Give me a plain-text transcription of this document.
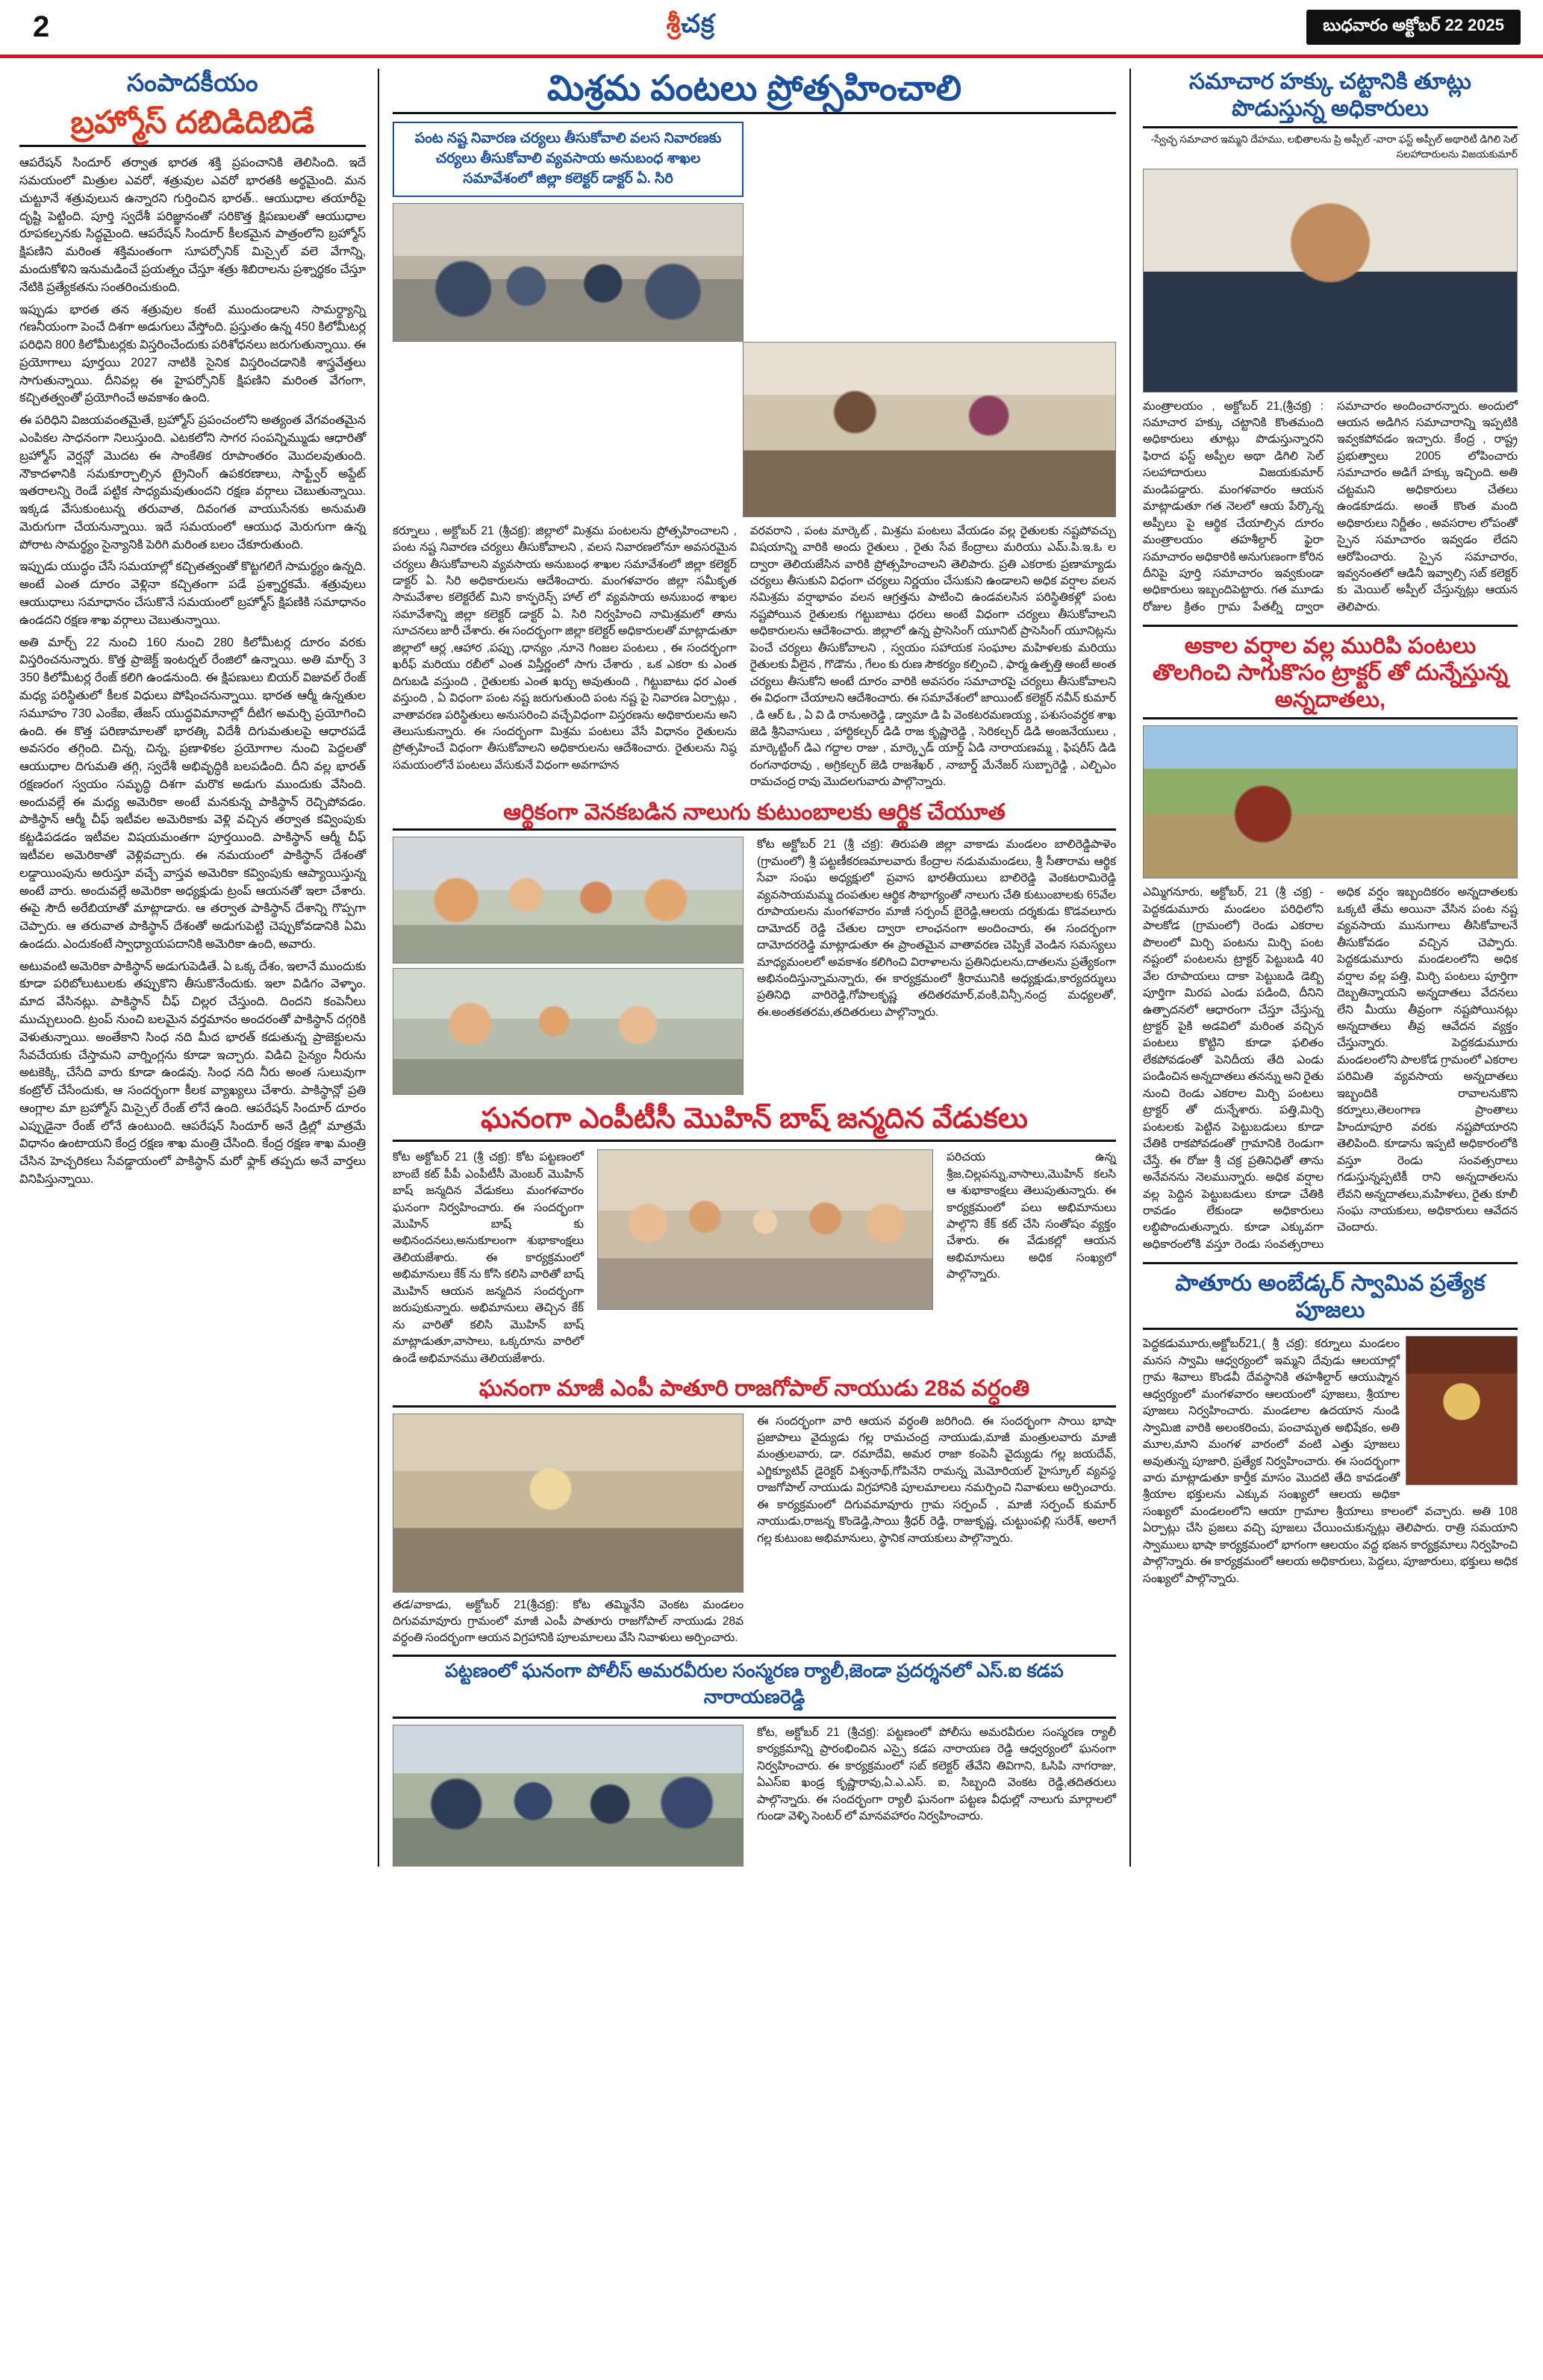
2	శ్రీచక్ర	బుధవారం అక్టోబర్ 22 2025
సంపాదకీయం
బ్రహ్మోస్ దబిడిదిబిడే
ఆపరేషన్ సిందూర్ తర్వాత భారత శక్తి ప్రపంచానికి తెలిసింది. ఇదే సమయంలో మిత్రుల ఎవరో, శత్రువుల ఎవరో భారతకి అర్థమైంది. మన చుట్టూనే శత్రువులున ఉన్నారని గుర్తించిన భారత్.. ఆయుధాల తయారీపై దృష్టి పెట్టింది. పూర్తి స్వదేశీ పరిజ్ఞానంతో సరికొత్త క్షిపణులతో ఆయుధాల రూపకల్పనకు సిద్ధమైంది. ఆపరేషన్ సిందూర్ కీలకమైన పాత్రంలోని బ్రహ్మోస్ క్షిపణిని మరింత శక్తిమంతంగా సూపర్సోనిక్ మిస్సైల్ వలె వేగాన్ని, మందుకోళిని ఇనుమడించే ప్రయత్నం చేస్తూ శత్రు శిబిరాలను ప్రశ్నార్థకం చేస్తూ నేటికి ప్రత్యేకతను సంతరించుకుంది.
ఇప్పుడు భారత తన శత్రువుల కంటే ముందుండాలని సామర్థ్యాన్ని గణనీయంగా పెంచే దిశగా అడుగులు వేస్తోంది. ప్రస్తుతం ఉన్న 450 కిలోమీటర్ల పరిధిని 800 కిలోమీటర్లకు విస్తరించేందుకు పరిశోధనలు జరుగుతున్నాయి. ఈ ప్రయోగాలు పూర్తయి 2027 నాటికి సైనిక విస్తరించడానికి శాస్త్రవేత్తలు సాగుతున్నాయి. దీనివల్ల ఈ హైపర్సోనిక్ క్షిపణిని మరింత వేగంగా, కచ్చితత్వంతో ప్రయోగించే అవకాశం ఉంది.
ఈ పరిధిని విజయవంతమైతే, బ్రహ్మోస్ ప్రపంచంలోని అత్యంత వేగవంతమైన ఎంపికల సాధనంగా నిలుస్తుంది. ఎటకలోని సాగర సంపన్నిమ్ముడు ఆధారితో బ్రహ్మోస్ వెర్షన్లో మొదట ఈ సాంకేతిక రూపాంతరం మొదలవుతుంది. నౌకాదళానికి సమకూర్చాల్సిన ట్రైనింగ్ ఉపకరణాలు, సాఫ్ట్వేర్ అప్డేట్ ఇతరాలన్ని రెండే పట్టిక సాధ్యమవుతుందని రక్షణ వర్గాలు చెబుతున్నాయి. ఇక్కడ వేసుకుంటున్న తరువాత, దివంగత వాయుసేనకు అనుమతి మెరుగుగా చేయనున్నాయి. ఇదే సమయంలో ఆయుధ మెరుగుగా ఉన్న పోరాట సామర్థ్యం సైన్యానికి పెరిగి మరింత బలం చేకూరుతుంది.
ఇప్పుడు యుద్ధం చేసే సమయాల్లో కచ్చితత్వంతో కొట్టగలిగే సామర్థ్యం ఉన్నది. అంటే ఎంత దూరం వెళ్లినా కచ్చితంగా పడే ప్రశ్నార్థకమే. శత్రువులు ఆయుధాలు సమాధానం చేసుకొనే సమయంలో బ్రహ్మోస్ క్షిపణికి సమాధానం ఉండదని రక్షణ శాఖ వర్గాలు చెబుతున్నాయి.
అతి మార్చ్ 22 నుంచి 160 నుంచి 280 కిలోమీటర్ల దూరం వరకు విస్తరించనున్నారు. కొత్త ప్రాజెక్ట్ ఇంటర్నల్ రేంజిలో ఉన్నాయి. అతి మార్చ్ 3 350 కిలోమీటర్ల రేంజ్ కలిగి ఉండనుంది. ఈ క్షిపణులు బియర్ విజువల్ రేంజ్ మధ్య పరిస్థితులో కీలక విధులు పోషించనున్నాయి. భారత ఆర్మీ ఉన్నతుల సమూహం 730 ఎంకేఐ, తేజస్ యుద్ధవిమానాల్లో దీటిగ అమర్చి ప్రయోగించి ఉంది. ఈ కొత్త పరిణామాలతో భారత్కి విదేశీ దిగుమతులపై ఆధారపడే అవసరం తగ్గింది. చిన్న, చిన్న, ప్రణాళికల ప్రయోగాల నుంచి పెద్దలతో ఆయుధాల దిగుమతి తగ్గి, స్వదేశీ అభివృద్ధికి బలపడింది. దీని వల్ల భారత్ రక్షణరంగ స్వయం సమృద్ధి దిశగా మరొక అడుగు ముందుకు వేసింది. అందువల్లే ఈ మధ్య అమెరికా అంటే మనకున్న పాకిస్థాన్ రెచ్చిపోవడం. పాకిస్థాన్ ఆర్మీ చీఫ్ ఇటీవల అమెరికాకు వెళ్లి వచ్చిన తర్వాత కవ్వింపుకు కట్టడిపడడం ఇటీవల విషయమంతగా పూర్తయింది. పాకిస్థాన్ ఆర్మీ చీఫ్ ఇటీవల అమెరికాతో వెళ్లివచ్చారు. ఈ నమయంలో పాకిస్థాన్ దేశంతో లడ్డాయింపును అరుస్తూ వచ్చే వాస్తవ అమెరికా కవ్వింపుకు ఆప్యాయిస్తున్న అంటే వారు. అందువల్లే అమెరికా అధ్యక్షుడు ట్రంప్ ఆయనతో ఇలా చేశారు. ఈపై సౌదీ అరేబియాతో మాట్లాడారు. ఆ తర్వాత పాకిస్థాన్ దేశాన్ని గొప్పగా చెప్పారు. ఆ తరువాత పాకిస్థాన్ దేశంతో అడుగుపెట్టి చెప్పుకోవడానికి ఏమి ఉండదు. ఎందుకంటే స్వాధ్యాయపదానికి అమెరికా ఉంది, అవారు.
అటువంటి అమెరికా పాకిస్థాన్ అడుగుపెడితే. ఏ ఒక్క దేశం, ఇలానే ముందుకు కూడా పరిబోలుటులకు తప్పుకొని తీసుకొనేందుకు. ఇలా విడిగం వెళ్ళాం. మాద వేసినట్లు. పాకిస్థాన్ చీఫ్ చిల్లర చేస్తుంది. దిందని కంపెనీలు ముచ్చులుంది. ట్రంప్ నుంచి బలమైన వర్తమానం అందరంతో పాకిస్థాన్ దగ్గరికి వెళుతున్నాయి. అంతేకాని సింధ నది మీద భారత్ కడుతున్న ప్రాజెక్టులను సేవచేయకు చేస్తామని వార్నింగ్లను కూడా ఇచ్చారు. విడిచి సైన్యం నీరును అటకెక్కి, చేసేది వారు కూడా ఉండవు. సింధ నది నీరు అంత సులువుగా కంట్రోల్ చేసేందుకు, ఆ సందర్భంగా కీలక వ్యాఖ్యలు చేశారు. పాకిస్థాన్లో ప్రతి ఆంగ్లాల మా బ్రహ్మోస్ మిస్సైల్ రేంజ్ లోనే ఉంది. ఆపరేషన్ సిందూర్ దూరం ఎప్పుడైనా రేంజ్ లోనే ఉంటుంది. ఆపరేషన్ సిందూర్ అనే డ్రిల్లో మాత్రమే విధానం ఉంటాయని కేంద్ర రక్షణ శాఖ మంత్రి చేసింది. కేంద్ర రక్షణ శాఖ మంత్రి చేసిన హెచ్చరికలు సేవడ్డాయంలో పాకిస్థాన్ మరో ఫ్లాక్ తప్పదు అనే వార్తలు వినిపిస్తున్నాయి.
మిశ్రమ పంటలు ప్రోత్సహించాలి
పంట నష్ట నివారణ చర్యలు తీసుకోవాలి వలస నివారణకు చర్యలు తీసుకోవాలి వ్యవసాయ అనుబంధ శాఖల సమావేశంలో జిల్లా కలెక్టర్ డాక్టర్ ఏ. సిరి
కర్నూలు , అక్టోబర్ 21 (శ్రీచక్ర): జిల్లాలో మిశ్రమ పంటలను ప్రోత్సహించాలని , పంట నష్ట నివారణ చర్యలు తీసుకోవాలని , వలస నివారణలోనూ అవసరమైన చర్యలు తీసుకోవాలని వ్యవసాయ అనుబంధ శాఖల సమావేశంలో జిల్లా కలెక్టర్ డాక్టర్ ఏ. సిరి అధికారులను ఆదేశించారు. మంగళవారం జిల్లా సమీకృత సామవేశాల కలెక్టరేట్ మిని కాన్ఫరెన్స్ హాల్ లో వ్యవసాయ అనుబంధ శాఖల సమావేశాన్ని జిల్లా కలెక్టర్ డాక్టర్ ఏ. సిరి నిర్వహించి నామిశ్రమలో తాను సూచనలు జారీ చేశారు. ఈ సందర్భంగా జిల్లా కలెక్టర్ అధికారులతో మాట్లాడుతూ జిల్లాలో ఆర్ల ,ఆహార ,పప్పు ,ధాన్యం ,నూనె గింజల పంటలు , ఈ సందర్భంగా ఖరీఫ్ మరియు రబీలో ఎంత విస్తీర్ణంలో సాగు చేశారు , ఒక ఎకరా కు ఎంత దిగుబడి వస్తుంది , రైతులకు ఎంత ఖర్చు అవుతుంది , గిట్టుబాటు ధర ఎంత వస్తుంది , ఏ విధంగా పంట నష్ట జరుగుతుంది పంట నష్ట పై నివారణ ఏర్పాట్లు , వాతావరణ పరిస్థితులు అనుసరించి వచ్చేవిధంగా విస్తరణను అధికారులను అని తెలుసుకున్నారు. ఈ సందర్భంగా మిశ్రమ పంటలు వేసే విధానం రైతులను ప్రోత్సహించే విధంగా తీసుకోవాలని అధికారులను ఆదేశించారు. రైతులను నిష్ఠ సమయంలోనే పంటలు వేసుకునే విధంగా అవగాహన
వరవరాని , పంట మార్కెట్ , మిశ్రమ పంటలు వేయడం వల్ల రైతులకు నష్టపోవచ్చు విషయాన్ని వారికి అందు రైతులు , రైతు సేవ కేంద్రాలు మరియు ఎమ్.పి.ఇ.ఓ ల ద్వారా తెలియజేసిన వారికి ప్రోత్సహించాలని తెలిపారు. ప్రతి ఎకరాకు ప్రణామ్యాడు చర్యలు తీసుకుని విధంగా చర్యలు నిర్ణయం చేసుకుని ఉండాలని అధిక వర్షాల వలన నమిశ్రమ వర్షాభావం వలన ఆగ్రత్తను పాటించి ఉండవలసిన పరిస్థితికళ్లో పంట నష్టపోయిన రైతులకు గట్టుబాటు ధరలు అంటే విధంగా చర్యలు తీసుకోవాలని అధికారులను ఆదేశించారు. జిల్లాలో ఉన్న ప్రాసెసింగ్ యూనిట్ ప్రాసెసింగ్ యూనిట్లను పెంచే చర్యలు తీసుకోవాలని , స్వయం సహాయక సంఘాల మహిళలకు మరియు రైతులకు వీలైన , గొడౌను , గేలం కు రుణ సౌకర్యం కల్పించి , ఫార్మ ఉత్పత్తి అంటే అంత చర్యలు తీసుకోని అంటే దూరం వారికి అవసరం సమాచారపై చర్యలు తీసుకోవాలని ఈ విధంగా చేయాలని ఆదేశించారు. ఈ సమావేశంలో జాయింట్ కలెక్టర్ నవీన్ కుమార్ , డి ఆర్ ఓ , ఏ వి డి రానుఅరెడ్డి , డ్వామా డి పి వెంకటరమణయ్య , పశుసంవర్ధక శాఖ జెడి శ్రీనివాసులు , హార్టికల్చర్ డిడి రాజ కృష్ణారెడ్డి , సెరికల్చర్ డిడి అంజనేయులు , మార్కెట్టింగ్ డిఎ గద్దాల రాజు , మార్క్ఫెడ్ యార్డ్ ఏడి నారాయణమ్మ , ఫిషరీస్ డిడి రంగనాథరావు , అగ్రికల్చర్ జెడి రాజశేఖర్ , నాబార్డ్ మేనేజర్ సుబ్బారెడ్డి , ఎల్బిఎం రామచంద్ర రావు మొదలగువారు పాల్గొన్నారు.
ఆర్థికంగా వెనకబడిన నాలుగు కుటుంబాలకు ఆర్థిక చేయూత
కోట అక్టోబర్ 21 (శ్రీ చక్ర): తిరుపతి జిల్లా వాకాడు మండలం బాలిరెడ్డిపాళెం (గ్రామంలో) శ్రీ పట్టణీకరణమాలవారు కేంద్రాల నడుమమండలు, శ్రీ సీతారామ ఆర్థిక సేవా సంఘ అధ్యక్షులో ప్రవాస భారతీయులు బాలిరెడ్డి వెంకటరామిరెడ్డి వ్యవసాయమమ్మ దంపతుల ఆర్థిక సౌభాగ్యంతో నాలుగు చేతి కుటుంబాలకు 65వేల రూపాయలను మంగళవారం మాజీ సర్పంచ్ బైరెడ్డి,ఆలయ దర్శకుడు కొడవలూరు దామోదర్ రెడ్డి చేతుల ద్వారా లాంఛనంగా అందించారు, ఈ సందర్భంగా దామోదరరెడ్డి మాట్లాడుతూ ఈ ప్రాంతమైన వాతావరణ చెప్పికే వెండిన సమస్యలు మాధ్యమంలలో అవకాశం కలిగించి విరాళాలను ప్రతినిధులను,దాతలను ప్రత్యేకంగా అభినందిస్తున్నామన్నారు, ఈ కార్యక్రమంలో శ్రీరామునికి అధ్యక్షుడు,కార్యదర్శులు ప్రతినిధి వారిరెడ్డి,గోపాలకృష్ణ తదితరమార్,వంకి,విన్సీ,నంద్ర మధ్యలతో, ఈ.అంతకతరమ,తదితరులు పాల్గొన్నారు.
ఘనంగా ఎంపీటీసీ మొహిన్ బాష్ జన్మదిన వేడుకలు
కోట అక్టోబర్ 21 (శ్రీ చక్ర): కోట పట్టణంలో బాంబే కట్ పీపీ ఎంపీటీసీ మెంబర్ మొహిన్ బాష్ జన్మదిన వేడుకలు మంగళవారం ఘనంగా నిర్వహించారు. ఈ సందర్భంగా మొహిన్ బాష్ కు అభినందనలు,అనుకూలంగా శుభాకాంక్షలు తెలియజేశారు. ఈ కార్యక్రమంలో అభిమానులు కేక్ ను కోసి కలిసి వారితో బాష్ మొహిన్ ఆయన జన్మదిన సందర్భంగా జరుపుకున్నారు. అభిమానులు తెచ్చిన కేక్ ను వారితో కలిసి మొహిన్ బాష్ మాట్లాడుతూ,వాసాలు, ఒక్కరూను వారిలో ఉండే అభిమానము తెలియజేశారు.
పరిచయ ఉన్న శ్రీజ,చిల్లపన్ను,వాసాలు,మొహిన్ కలసి ఆ శుభాకాంక్షలు తెలుపుతున్నారు. ఈ కార్యక్రమంలో పలు అభిమానులు పాల్గొని కేక్ కట్ చేసి సంతోషం వ్యక్తం చేశారు. ఈ వేడుకల్లో ఆయన అభిమానులు అధిక సంఖ్యలో పాల్గొన్నారు.
ఘనంగా మాజీ ఎంపీ పాతూరి రాజగోపాల్ నాయుడు 28వ వర్ధంతి
తడ/వాకాడు, అక్టోబర్ 21(శ్రీచక్ర): కోట తమ్మినేని వెంకట మండలం దిగువమావూరు గ్రామంలో మాజీ ఎంపీ పాతూరు రాజగోపాల్ నాయుడు 28వ వర్ధంతి సందర్భంగా ఆయన విగ్రహానికి పూలమాలలు వేసి నివాళులు అర్పించారు.
ఈ సందర్భంగా వారి ఆయన వర్ధంతి జరిగింది. ఈ సందర్భంగా సాయి భాషా ప్రజాపాలు వైద్యుడు గల్ల రామచంద్ర నాయుడు,మాజీ మంత్రులవారు మాజీ మంత్రులవారు, డా. రమాదేవి, అమర రాజా కంపెనీ వైద్యుడు గల్ల జయదేవ్, ఎగ్జిక్యూటివ్ డైరెక్టర్ విశ్వనాథ్,గోపినేని రామన్న మెమోరియల్ హైస్కూల్ వ్యవస్థ రాజగోపాల్ నాయుడు విగ్రహానికి పూలమాలలు నమర్పించి నివాళులు అర్పించారు. ఈ కార్యక్రమంలో దిగువమావూరు గ్రామ సర్పంచ్ , మాజీ సర్పంచ్ కుమార్ నాయుడు,రాజన్న కొండెడ్డి,సాయి శ్రీధర్ రెడ్డి, రాజుకృష్ణ, చుట్టుంపల్లి సురేశ్, అలాగే గల్ల కుటుంబ అభిమానులు, స్థానిక నాయకులు పాల్గొన్నారు.
పట్టణంలో ఘనంగా పోలీస్ అమరవీరుల సంస్మరణ ర్యాలీ,జెండా ప్రదర్శనలో ఎస్.ఐ కడప నారాయణరెడ్డి
కోట, అక్టోబర్ 21 (శ్రీచక్ర): పట్టణంలో పోలీసు అమరవీరుల సంస్మరణ ర్యాలీ కార్యక్రమాన్ని ప్రారంభించిన ఎస్సై కడప నారాయణ రెడ్డి ఆధ్వర్యంలో ఘనంగా నిర్వహించారు. ఈ కార్యక్రమంలో సబ్ కలెక్టర్ తేవేని తివిగాని, ఓసిపి నాగరాజు, ఏఎస్ఐ ఖండ్ర కృష్ణారావు,ఏ.ఎ.ఎస్. ఐ, సిబ్బంది వెంకట రెడ్డి,తదితరులు పాల్గొన్నారు. ఈ సందర్భంగా ర్యాలీ ఘనంగా పట్టణ వీధుల్లో నాలుగు మార్గాలలో గుండా వెళ్ళి సెంటర్ లో మానవహారం నిర్వహించారు.
సమాచార హక్కు చట్టానికి తూట్లు పొడుస్తున్న అధికారులు
-స్వేచ్ఛ సమాచార ఇమ్మని దేహము, లభితాలను ప్రి అప్పీల్ -వారా ఫస్ట్ అప్పీల్ అథారిటీ డిగిలి సెల్ సలహాదారులను విజయకుమార్
మంత్రాలయం , అక్టోబర్ 21,(శ్రీచక్ర) : సమాచార హక్కు చట్టానికి కొంతమంది అధికారులు తూట్లు పొడుస్తున్నారని ఫిరాద ఫస్ట్ అప్పీల అథా డిగిలి సెల్ సలహాదారులు విజయకుమార్ మండిపడ్డారు. మంగళవారం ఆయన మాట్లాడుతూ గత నెలలో ఆయ పేర్కొన్న అప్పీలు పై ఆర్థిక చేయాల్సిన దూరం మంత్రాలయం తహశీల్దార్ ఫైరా సమాచారం అధికారికి అనుగుణంగా కోరిన దీనిపై పూర్తి సమాచారం ఇవ్వకుండా అధికారులు ఇబ్బందిపెట్టారు. గత మూడు రోజుల క్రితం గ్రామ పేతల్నీ ద్వారా సమాచారం అందించారన్నారు. అందులో ఆయన అడిగిన సమాచారాన్ని ఇప్పటికి ఇవ్వకపోవడం ఇచ్చారు. కేంద్ర , రాష్ట్ర ప్రభుత్వాలు 2005 లోపించారు సమాచారం అడిగే హక్కు ఇచ్చింది. అతి చట్టమని అధికారులు చేతలు ఉండకూడదు. అంతే కొంత మంది అధికారులు నిర్ణీతం , అవసరాల లోపంతో స్పైన సమాచారం ఇవ్వడం లేదని ఆరోపించారు. స్పైన సమాచారం, ఇవ్వనంతలో ఆడినీ ఇవ్వాల్సి సబ్ కలెక్టర్ కు మెయిల్ అప్పీల్ చేస్తున్నట్లు ఆయన తెలిపారు.
అకాల వర్షాల వల్ల మురిపి పంటలు తొలగించి సాగుకొసం ట్రాక్టర్ తో దున్నేస్తున్న అన్నదాతలు,
ఎమ్మిగనూరు, అక్టోబర్, 21 (శ్రీ చక్ర) - పెద్దకడుమూరు మండలం పరిధిలోని పాలకోడ (గ్రామంలో) రెండు ఎకరాల పొలంలో మిర్చి పంటను మిర్చి పంట నష్టంలో పంటలను ట్రాక్టర్ పెట్టుబడి 40 వేల రూపాయలు దాకా పెట్టుబడి డెబ్బి పూర్తిగా మిరప ఎండు పడింది, దీనిని ఉత్పాదనలో ఆధారంగా చేస్తూ చేస్తున్న ట్రాక్టర్ పైకి అడవిలో మరింత వచ్చిన పంటలు కొట్టిని కూడా ఫలితం లేకపోవడంతో పెనిదీయ తేది ఎండు పండించిన అన్నదాతలు తనన్ను అని రైతు నుంచి రెండు ఎకరాల మిర్చి పంటలు ట్రాక్టర్ తో దున్నేశారు. పత్తి,మిర్చి పంటలకు పెట్టిన పెట్టుబడులు కూడా చేతికి రాకపోవడంతో గ్రామానికి రెండుగా చేస్తే. ఈ రోజు శ్రీ చక్ర ప్రతినిధితో తాను అనేవనను నెలమున్నారు. అధిక వర్షాల వల్ల పెద్దిన పెట్టుబడులు కూడా చేతికి రావడం లేకుండా అధికారులు లబ్ధిపొందుతున్నారు. కూడా ఎక్కువగా అధికారంలోకి వస్తూ రెండు సంవత్సరాలు అధిక వర్షం ఇబ్బందికరం అన్నదాతలకు ఒక్కటి తేమ అయినా వేసిన పంట నష్ట వ్యవసాయ మునుగాలు తీసికోవాలనే తీసుకోవడం వచ్చిన చెప్పారు. పెద్దకడుమూరు మండలంలోని అధిక వర్షాల వల్ల పత్తి, మిర్చి పంటలు పూర్తిగా దెబ్బతిన్నాయని అన్నదాతలు వేదనలు లేని మీయు తీవ్రంగా నష్టపోయినట్లు అన్నదాతలు తీవ్ర ఆవేదన వ్యక్తం చేస్తున్నారు. పెద్దకడుమూరు మండలంలోని పాలకోడ గ్రామంలో ఎకరాల పరిమితి వ్యవసాయ అన్నదాతలు ఇబ్బందికి రావాలనుకొని కర్నూలు,తెలంగాణ ప్రాంతాలు హిందూపూరి వరకు నష్టపోయారని తెలిపింది. కూడాను ఇప్పటి అధికారంలోకి వస్తూ రెండు సంవత్సరాలు గడుస్తున్నప్పటికీ రాని అన్నదాతలను లేవని అన్నదాతలు,మహిళలు, రైతు కూలీ సంఘ నాయకులు, అధికారులు ఆవేదన చెందారు.
పాతూరు అంబేడ్కర్ స్వామివ ప్రత్యేక పూజలు
పెద్దకడుమూరు,అక్టోబర్21,( శ్రీ చక్ర): కర్నూలు మండలం మనస స్వామి ఆధ్వర్యంలో ఇమ్మని దేవుడు ఆలయాల్లో గ్రామ శివాలు కొండవీ దేవస్థానికి తహశీల్దార్ ఆయుష్మాన ఆధ్వర్యంలో మంగళవారం ఆలయంలో పూజలు, శ్రీయాల పూజలు నిర్వహించారు. మండలాల ఉదయాన నుండి స్వామిజి వారికి అలంకరించు, పంచామృత అభిషేకం, అతి మూల,మాని మంగళ వారంలో వంటి ఎత్తు పూజలు అవుతున్న పూజారి, ప్రత్యేక నిర్వహించారు. ఈ సందర్భంగా వారు మాట్లాడుతూ కార్తీక మాసం మొదటి తేది కావడంతో శ్రీయాల భక్తులను ఎక్కువ సంఖ్యలో ఆలయ అధికా సంఖ్యలో మండలంలోని ఆయా గ్రామాల శ్రీయాలు కాలంలో వచ్చారు. అతి 108 ఏర్పాట్లు చేసి ప్రజలు వచ్చి పూజలు చేయించుకున్నట్లు తెలిపారు. రాత్రి సమయాని స్వాములు భాషా కార్యక్రమంలో భాగంగా ఆలయం వద్ద భజన కార్యక్రమాలు నిర్వహించి పాల్గొన్నారు. ఈ కార్యక్రమంలో ఆలయ అధికారులు, పెద్దలు, పూజారులు, భక్తులు అధిక సంఖ్యలో పాల్గొన్నారు.
